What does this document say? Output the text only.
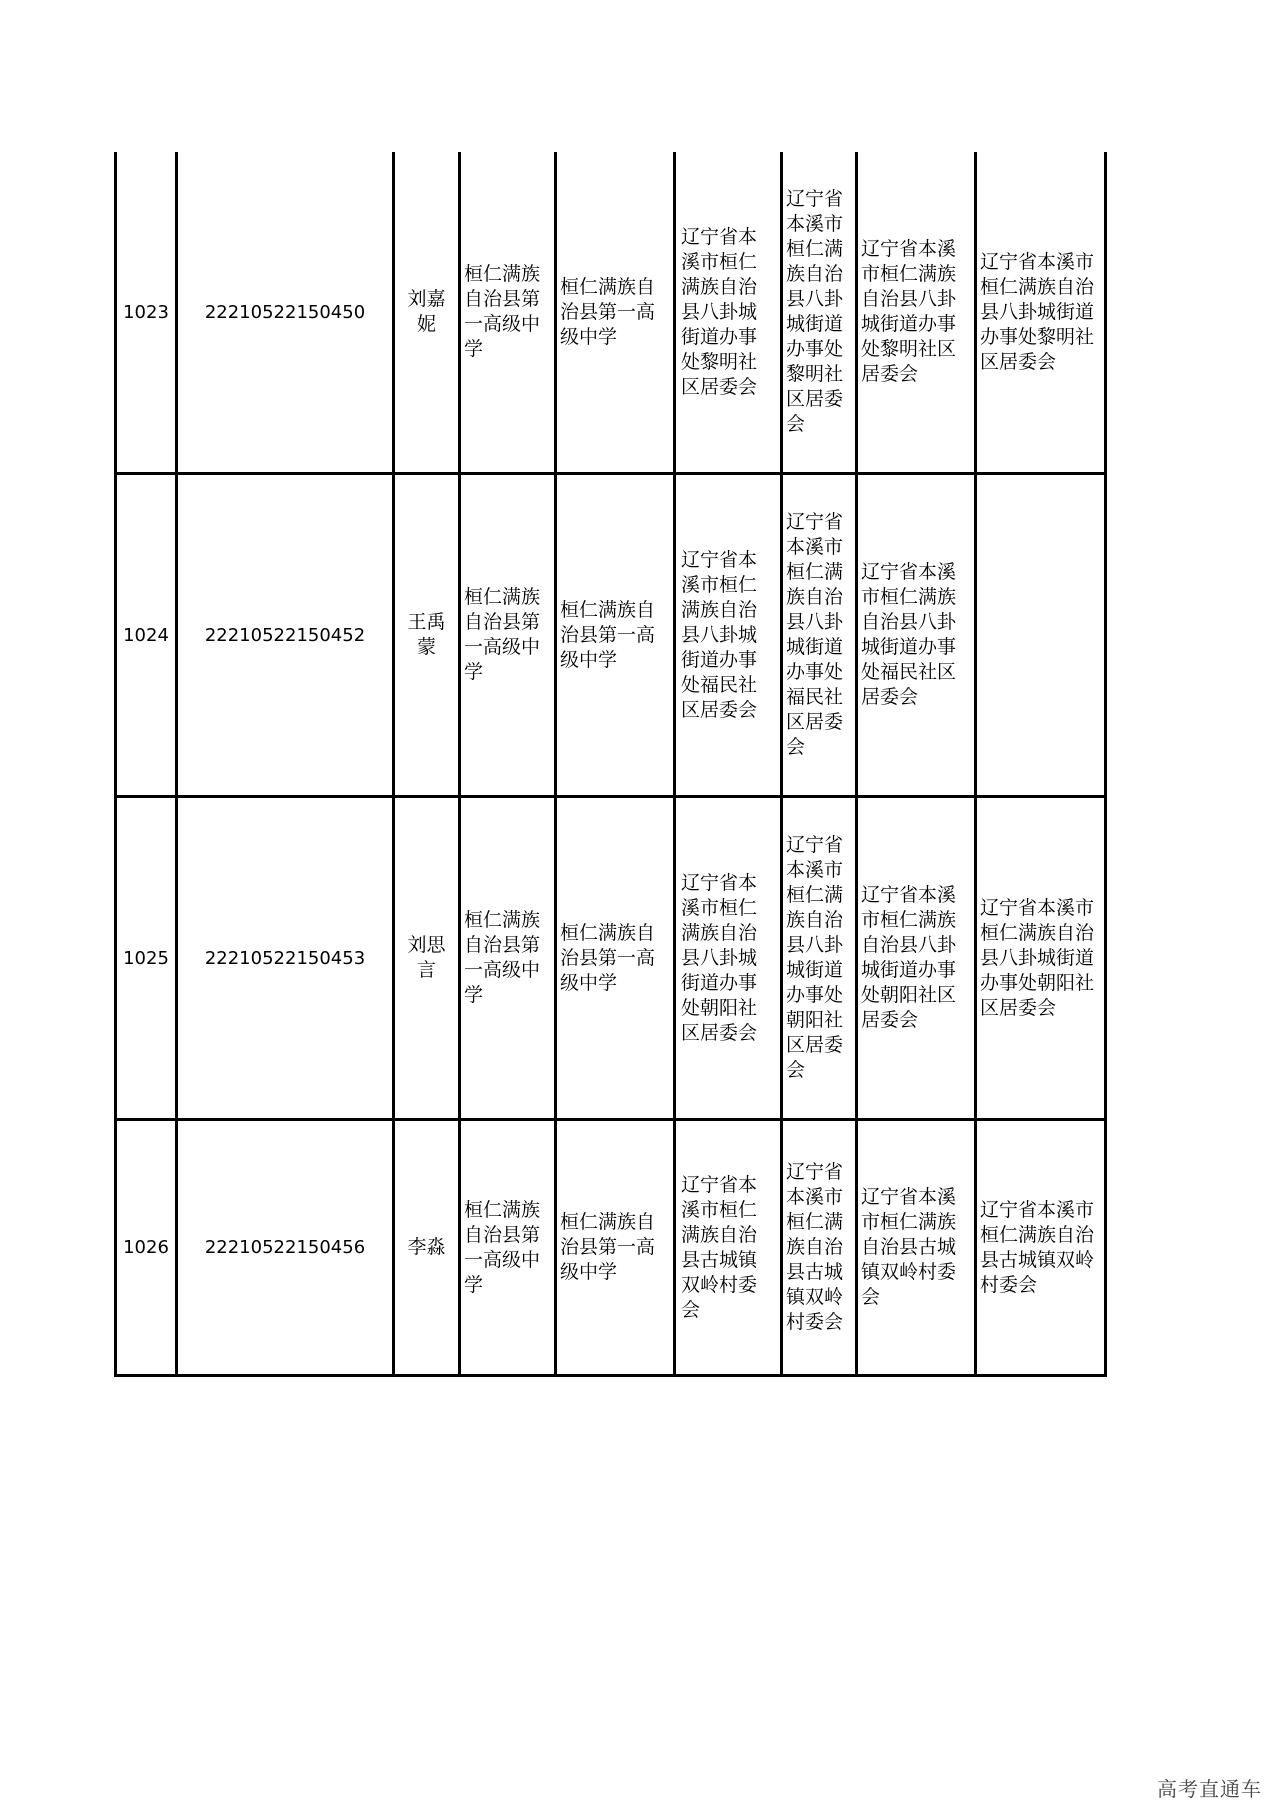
1023	22210522150450	刘嘉妮	桓仁满族自治县第一高级中学	桓仁满族自治县第一高级中学	辽宁省本溪市桓仁满族自治县八卦城街道办事处黎明社区居委会	辽宁省本溪市桓仁满族自治县八卦城街道办事处黎明社区居委会	辽宁省本溪市桓仁满族自治县八卦城街道办事处黎明社区居委会	辽宁省本溪市桓仁满族自治县八卦城街道办事处黎明社区居委会
1024	22210522150452	王禹蒙	桓仁满族自治县第一高级中学	桓仁满族自治县第一高级中学	辽宁省本溪市桓仁满族自治县八卦城街道办事处福民社区居委会	辽宁省本溪市桓仁满族自治县八卦城街道办事处福民社区居委会	辽宁省本溪市桓仁满族自治县八卦城街道办事处福民社区居委会	
1025	22210522150453	刘思言	桓仁满族自治县第一高级中学	桓仁满族自治县第一高级中学	辽宁省本溪市桓仁满族自治县八卦城街道办事处朝阳社区居委会	辽宁省本溪市桓仁满族自治县八卦城街道办事处朝阳社区居委会	辽宁省本溪市桓仁满族自治县八卦城街道办事处朝阳社区居委会	辽宁省本溪市桓仁满族自治县八卦城街道办事处朝阳社区居委会
1026	22210522150456	李淼	桓仁满族自治县第一高级中学	桓仁满族自治县第一高级中学	辽宁省本溪市桓仁满族自治县古城镇双岭村委会	辽宁省本溪市桓仁满族自治县古城镇双岭村委会	辽宁省本溪市桓仁满族自治县古城镇双岭村委会	辽宁省本溪市桓仁满族自治县古城镇双岭村委会
高考直通车
